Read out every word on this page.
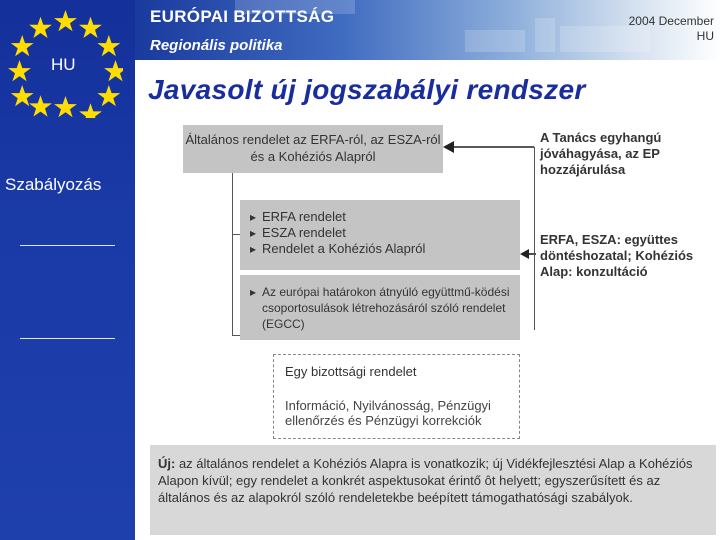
HU
EURÓPAI BIZOTTSÁG
Regionális politika
2004 December
HU
Javasolt új jogszabályi rendszer
Szabályozás
Általános rendelet az ERFA-ról, az ESZA-ról és a Kohéziós Alapról
▸ ERFA rendelet
▸ ESZA rendelet
▸ Rendelet a Kohéziós Alapról
▸ Az európai határokon átnyúló együttmű-ködési csoportosulások létrehozásáról szóló rendelet (EGCC)
A Tanács egyhangú jóváhagyása, az EP hozzájárulása
ERFA, ESZA: együttes döntéshozatal; Kohéziós Alap: konzultáció
Egy bizottsági rendelet
Információ, Nyilvánosság, Pénzügyi ellenőrzés és Pénzügyi korrekciók
Új: az általános rendelet a Kohéziós Alapra is vonatkozik; új Vidékfejlesztési Alap a Kohéziós Alapon kívül; egy rendelet a konkrét aspektusokat érintő ôt helyett; egyszerűsített és az általános és az alapokról szóló rendeletekbe beépített támogathatósági szabályok.
